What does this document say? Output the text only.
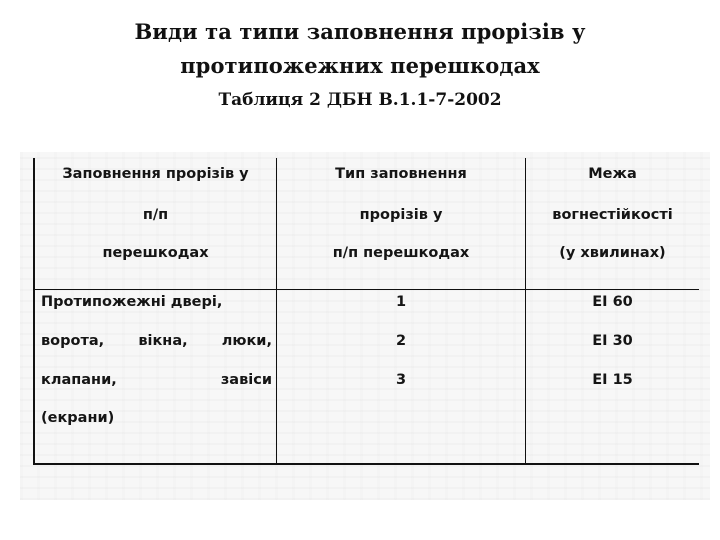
Види та типи заповнення прорізів у
протипожежних перешкодах
Таблиця 2 ДБН В.1.1-7-2002
Заповнення прорізів у
п/п
перешкодах
Тип заповнення
прорізів у
п/п перешкодах
Межа
вогнестійкості
(у хвилинах)
Протипожежні двері,
ворота, вікна, люки,
клапани,	завіси
(екрани)
1
2
3
EI 60
EI 30
EI 15
